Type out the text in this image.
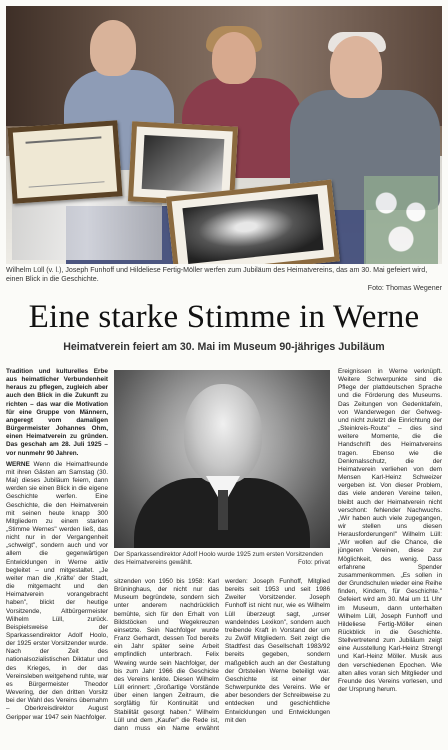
Wilhelm Lüll (v. l.), Joseph Funhoff und Hildeliese Fertig-Möller werfen zum Jubiläum des Heimatvereins, das am 30. Mai gefeiert wird, einen Blick in die Geschichte.
Foto: Thomas Wegener
Eine starke Stimme in Werne
Heimatverein feiert am 30. Mai im Museum 90-jähriges Jubiläum

Tradition und kulturelles Erbe aus heimatlicher Verbundenheit heraus zu pflegen, zugleich aber auch den Blick in die Zukunft zu richten – das war die Motivation für eine Gruppe von Männern, angeregt vom damaligen Bürgermeister Johannes Ohm, einen Heimatverein zu gründen. Das geschah am 28. Juli 1925 – vor nunmehr 90 Jahren.

WERNE Wenn die Heimatfreunde mit ihren Gästen am Samstag (30. Mai) dieses Jubiläum feiern, dann werden sie einen Blick in die eigene Geschichte werfen. Eine Geschichte, die den Heimatverein mit seinen heute knapp 300 Mitgliedern zu einem starken „Stimme Wernes" werden ließ, das nicht nur in der Vergangenheit „schwelgt", sondern auch und vor allem die gegenwärtigen Entwicklungen in Werne aktiv begleitet – und mitgestaltet. „Je weiter man die ‚Kräfte' der Stadt, die mitgemacht und den Heimatverein vorangebracht haben", blickt der heutige Vorsitzende, Altbürgermeister Wilhelm Lüll, zurück. Beispielsweise der Sparkassendirektor Adolf Hoolo, der 1925 erster Vorsitzender wurde. Nach der Zeit des nationalsozialistischen Diktatur und des Krieges, in der das Vereinsleben weitgehend ruhte, war es Bürgermeister Theodor Wevering, der den dritten Vorsitz bei der Wahl des Vereins übernahm – Oberkreisdirektor August Geripper war 1947 sein Nachfolger.

Der Sparkassendirektor Adolf Hoolo wurde 1925 zum ersten Vorsitzenden des Heimatvereins gewählt.	Foto: privat

sitzenden von 1950 bis 1958: Karl Brüninghaus, der nicht nur das Museum begründete, sondern sich unter anderem nachdrücklich bemühte, sich für den Erhalt von Bildstöcken und Wegekreuzen einsetzte. Sein Nachfolger wurde Franz Gerhardt, dessen Tod bereits ein Jahr später seine Arbeit empfindlich unterbrach. Felix Wewing wurde sein Nachfolger, der bis zum Jahr 1966 die Geschicke des Vereins lenkte. Diesen Wilhelm Lüll erinnert: „Großartige Vorstände über einen langen Zeitraum, die sorgfältig für Kontinuität und Stabilität gesorgt haben." Wilhelm Lüll und dem „Kaufer" die Rede ist, dann muss ein Name erwähnt werden: Joseph Funhoff, Mitglied bereits seit 1953 und seit 1986 Zweiter Vorsitzender. Joseph Funhoff ist nicht nur, wie es Wilhelm Lüll überzeugt sagt, „unser wandelndes Lexikon", sondern auch treibende Kraft in Vorstand der um zu Zwölf Mitgliedern. Seit zeigt die Stadtfest das Gesellschaft 1983/92 bereits gegeben, sondern maßgeblich auch an der Gestaltung der Ortsteilen Werne beteiligt war. Geschichte ist einer der Schwerpunkte des Vereins. Wie er aber besonders der Schreibweise zu entdecken und geschichtliche Entwicklungen und Entwicklungen mit den

Ereignissen in Werne verknüpft. Weitere Schwerpunkte sind die Pflege der plattdeutschen Sprache und die Förderung des Museums. Das Zeitungen von Gedenktafeln, von Wanderwegen der Gehweg- und nicht zuletzt die Einrichtung der „Steinkreis-Route" – dies sind weitere Momente, die die Handschrift des Heimatvereins tragen. Ebenso wie die Denkmalsschutz, die der Heimatverein verliehen von dem Mensen Karl-Heinz Schweizer vergeben ist. Von dieser Problem, das viele anderen Vereine teilen, bleibt auch der Heimatverein nicht verschont: fehlender Nachwuchs. „Wir haben auch viele zugegangen, wir stellen uns diesen Herausforderungen!" Wilhelm Lüll: „Wir wollen auf die Chance, die jüngeren Vereinen, diese zur Möglichkeit, des wenig. Dass erfahrene Spender zusammenkommen. „Es sollen in der Grundschulen wieder eine Reihe finden, Kindern, für Geschichte." Gefeiert wird am 30. Mai um 11 Uhr im Museum, dann unterhalten Wilhelm Lüll, Joseph Funhoff und Hildeliese Fertig-Möller einen Rückblick in die Geschichte. Stellvertretend zum Jubiläum zeigt eine Ausstellung Karl-Heinz Strengl und Karl-Heinz Möller. Musik aus den verschiedenen Epochen. Wie alten alles voran sich Mitglieder und Freunde des Vereins vorlesen, und der Ursprung herum.
